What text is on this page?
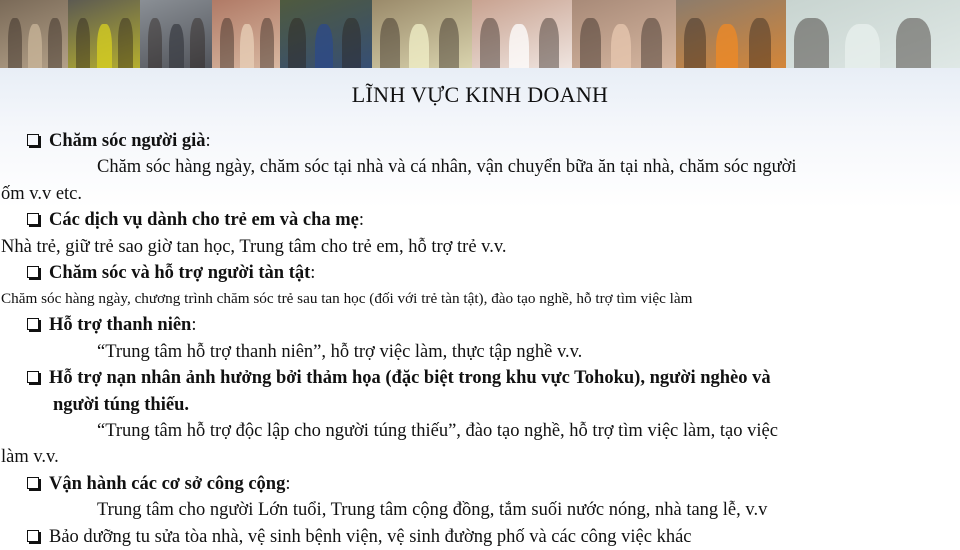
LĨNH VỰC KINH DOANH
Chăm sóc người già:
Chăm sóc hàng ngày, chăm sóc tại nhà và cá nhân, vận chuyển bữa ăn tại nhà, chăm sóc người
ốm v.v etc.
Các dịch vụ dành cho trẻ em và cha mẹ:
Nhà trẻ, giữ trẻ sao giờ tan học, Trung tâm cho trẻ em, hỗ trợ trẻ v.v.
Chăm sóc và hỗ trợ người tàn tật:
Chăm sóc hàng ngày, chương trình chăm sóc trẻ sau tan học (đối với trẻ tàn tật), đào tạo nghề, hỗ trợ tìm việc làm
Hỗ trợ thanh niên:
“Trung tâm hỗ trợ thanh niên”, hỗ trợ việc làm, thực tập nghề v.v.
Hỗ trợ nạn nhân ảnh hưởng bởi thảm họa (đặc biệt trong khu vực Tohoku), người nghèo và
người túng thiếu.
“Trung tâm hỗ trợ độc lập cho người túng thiếu”, đào tạo nghề, hỗ trợ tìm việc làm, tạo việc
làm v.v.
Vận hành các cơ sở công cộng:
Trung tâm cho người Lớn tuổi, Trung tâm cộng đồng, tắm suối nước nóng, nhà tang lễ, v.v
Bảo dưỡng tu sửa tòa nhà, vệ sinh bệnh viện, vệ sinh đường phố và các công việc khác
